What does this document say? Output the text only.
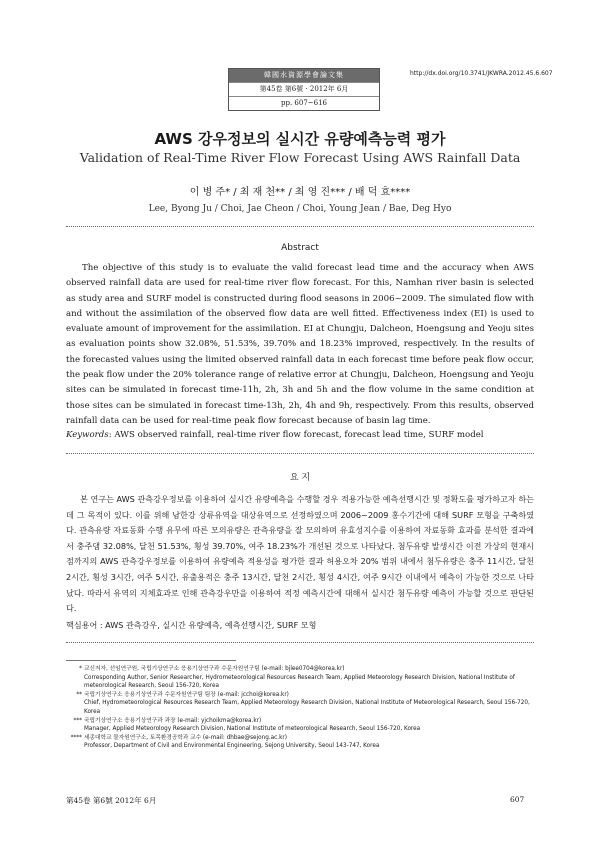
韓國水資源學會論文集
第45卷 第6號 · 2012年 6月
pp. 607~616
http://dx.doi.org/10.3741/JKWRA.2012.45.6.607
AWS 강우정보의 실시간 유량예측능력 평가
Validation of Real-Time River Flow Forecast Using AWS Rainfall Data
이 병 주* / 최 재 천** / 최 영 진*** / 배 덕 효****
Lee, Byong Ju / Choi, Jae Cheon / Choi, Young Jean / Bae, Deg Hyo
Abstract
The objective of this study is to evaluate the valid forecast lead time and the accuracy when AWS observed rainfall data are used for real-time river flow forecast. For this, Namhan river basin is selected as study area and SURF model is constructed during flood seasons in 2006~2009. The simulated flow with and without the assimilation of the observed flow data are well fitted. Effectiveness index (EI) is used to evaluate amount of improvement for the assimilation. EI at Chungju, Dalcheon, Hoengsung and Yeoju sites as evaluation points show 32.08%, 51.53%, 39.70% and 18.23% improved, respectively. In the results of the forecasted values using the limited observed rainfall data in each forecast time before peak flow occur, the peak flow under the 20% tolerance range of relative error at Chungju, Dalcheon, Hoengsung and Yeoju sites can be simulated in forecast time-11h, 2h, 3h and 5h and the flow volume in the same condition at those sites can be simulated in forecast time-13h, 2h, 4h and 9h, respectively. From this results, observed rainfall data can be used for real-time peak flow forecast because of basin lag time.
Keywords: AWS observed rainfall, real-time river flow forecast, forecast lead time, SURF model
요 지
본 연구는 AWS 관측강우정보를 이용하여 실시간 유량예측을 수행할 경우 적용가능한 예측선행시간 및 정확도를 평가하고자 하는데 그 목적이 있다. 이를 위해 남한강 상류유역을 대상유역으로 선정하였으며 2006~2009 홍수기간에 대해 SURF 모형을 구축하였다. 관측유량 자료동화 수행 유무에 따른 모의유량은 관측유량을 잘 모의하며 유효성지수를 이용하여 자료동화 효과를 분석한 결과에서 충주댐 32.08%, 달천 51.53%, 횡성 39.70%, 여주 18.23%가 개선된 것으로 나타났다. 첨두유량 발생시간 이전 가상의 현재시점까지의 AWS 관측강우정보를 이용하여 유량예측 적용성을 평가한 결과 허용오차 20% 범위 내에서 첨두유량은 충주 11시간, 달천 2시간, 횡성 3시간, 여주 5시간, 유출용적은 충주 13시간, 달천 2시간, 횡성 4시간, 여주 9시간 이내에서 예측이 가능한 것으로 나타났다. 따라서 유역의 지체효과로 인해 관측강우만을 이용하여 적정 예측시간에 대해서 실시간 첨두유량 예측이 가능할 것으로 판단된다.
핵심용어 : AWS 관측강우, 실시간 유량예측, 예측선행시간, SURF 모형
* 교신저자, 선임연구원, 국립기상연구소 응용기상연구과 수문자원연구팀 (e-mail: bjlee0704@korea.kr)
Corresponding Author, Senior Researcher, Hydrometeorological Resources Research Team, Applied Meteorology Research Division, National Institute of meteorological Research, Seoul 156-720, Korea
** 국립기상연구소 응용기상연구과 수문자원연구팀 팀장 (e-mail: jcchoi@korea.kr)
Chief, Hydrometeorological Resources Research Team, Applied Meteorology Research Division, National Institute of Meteorological Research, Seoul 156-720, Korea
*** 국립기상연구소 응용기상연구과 과장 (e-mail: yjchoikma@korea.kr)
Manager, Applied Meteorology Research Division, National Institute of meteorological Research, Seoul 156-720, Korea
**** 세종대학교 물자원연구소, 토목환경공학과 교수 (e-mail: dhbae@sejong.ac.kr)
Professor, Department of Civil and Environmental Engineering, Sejong University, Seoul 143-747, Korea
第45卷 第6號 2012年 6月	607
